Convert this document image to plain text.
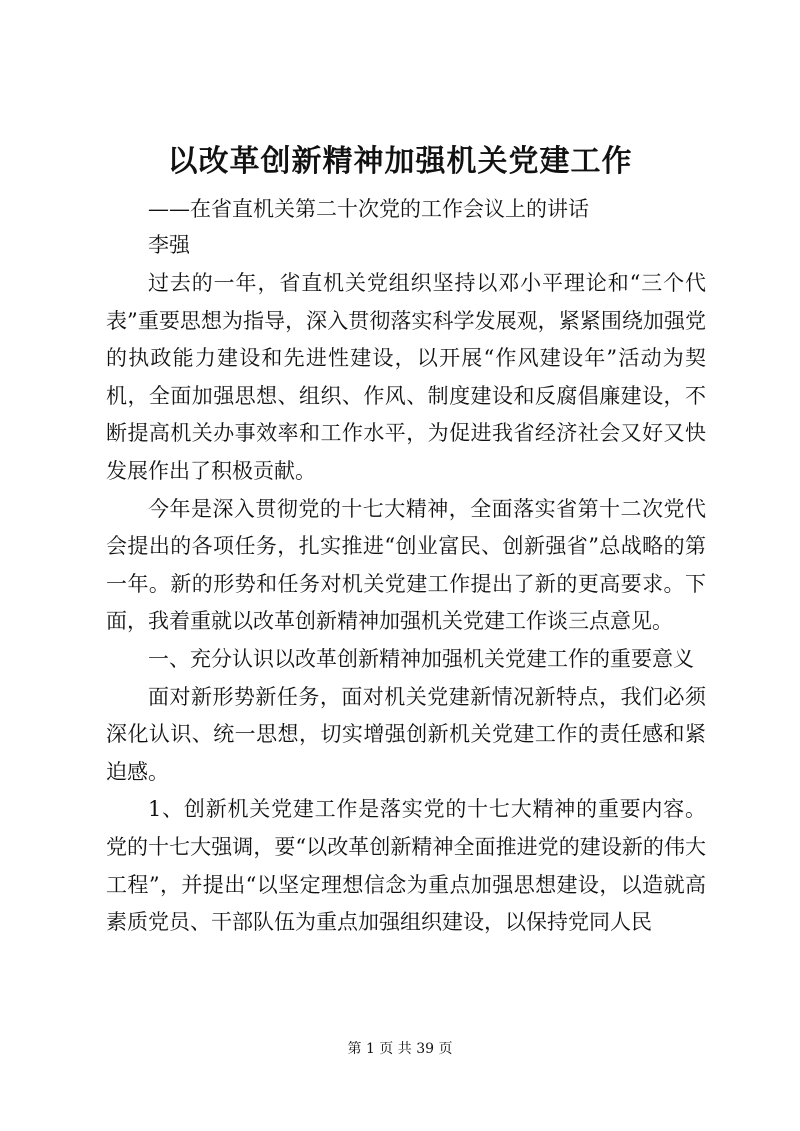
以改革创新精神加强机关党建工作
——在省直机关第二十次党的工作会议上的讲话
李强

过去的一年，省直机关党组织坚持以邓小平理论和“三个代表”重要思想为指导，深入贯彻落实科学发展观，紧紧围绕加强党的执政能力建设和先进性建设，以开展“作风建设年”活动为契机，全面加强思想、组织、作风、制度建设和反腐倡廉建设，不断提高机关办事效率和工作水平，为促进我省经济社会又好又快发展作出了积极贡献。

今年是深入贯彻党的十七大精神，全面落实省第十二次党代会提出的各项任务，扎实推进“创业富民、创新强省”总战略的第一年。新的形势和任务对机关党建工作提出了新的更高要求。下面，我着重就以改革创新精神加强机关党建工作谈三点意见。

一、充分认识以改革创新精神加强机关党建工作的重要意义

面对新形势新任务，面对机关党建新情况新特点，我们必须深化认识、统一思想，切实增强创新机关党建工作的责任感和紧迫感。

1、创新机关党建工作是落实党的十七大精神的重要内容。党的十七大强调，要“以改革创新精神全面推进党的建设新的伟大工程”，并提出“以坚定理想信念为重点加强思想建设，以造就高素质党员、干部队伍为重点加强组织建设，以保持党同人民

第 1 页 共 39 页
